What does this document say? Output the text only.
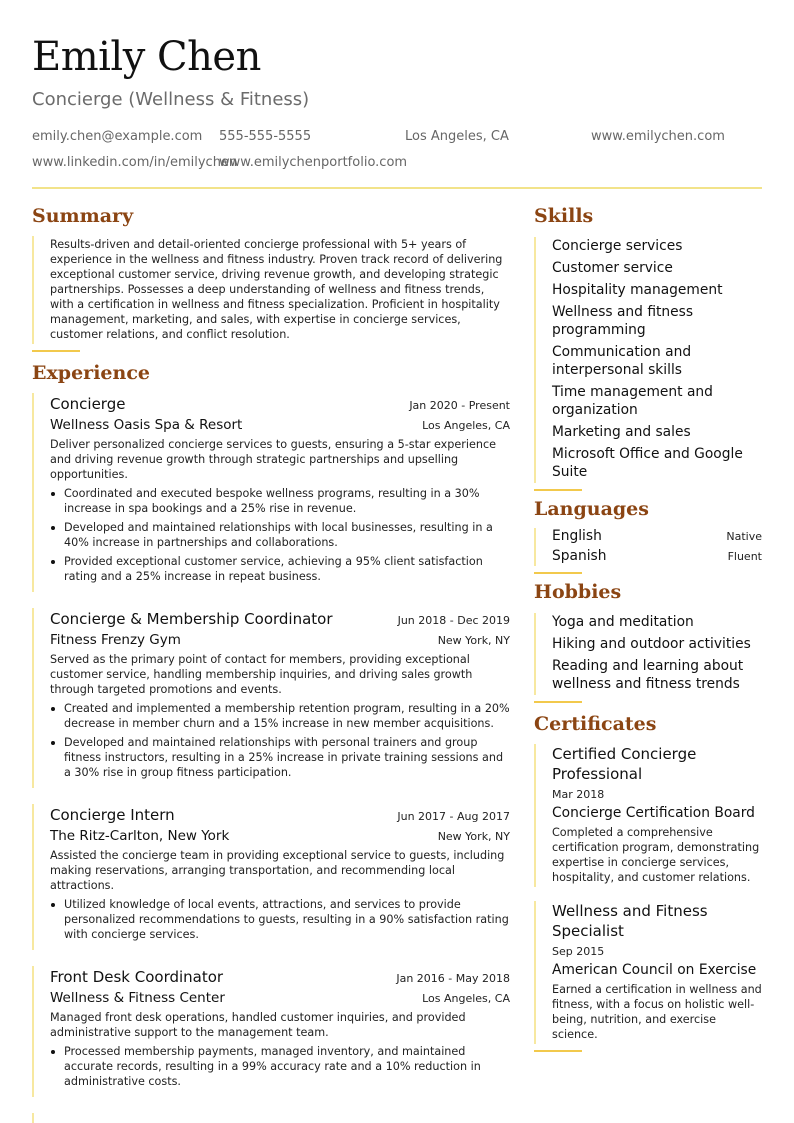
Emily Chen
Concierge (Wellness & Fitness)
emily.chen@example.com 555-555-5555	Los Angeles, CA	www.emilychen.com
www.linkedin.com/in/emilychen
www.emilychenportfolio.com
Summary
Results-driven and detail-oriented concierge professional with 5+ years of experience in the wellness and fitness industry. Proven track record of delivering exceptional customer service, driving revenue growth, and developing strategic partnerships. Possesses a deep understanding of wellness and fitness trends, with a certification in wellness and fitness specialization. Proficient in hospitality management, marketing, and sales, with expertise in concierge services, customer relations, and conflict resolution.
Experience
Concierge	Jan 2020 - Present
Wellness Oasis Spa & Resort	Los Angeles, CA
Deliver personalized concierge services to guests, ensuring a 5-star experience and driving revenue growth through strategic partnerships and upselling opportunities.
Coordinated and executed bespoke wellness programs, resulting in a 30% increase in spa bookings and a 25% rise in revenue.
Developed and maintained relationships with local businesses, resulting in a 40% increase in partnerships and collaborations.
Provided exceptional customer service, achieving a 95% client satisfaction rating and a 25% increase in repeat business.
Concierge & Membership Coordinator	Jun 2018 - Dec 2019
Fitness Frenzy Gym	New York, NY
Served as the primary point of contact for members, providing exceptional customer service, handling membership inquiries, and driving sales growth through targeted promotions and events.
Created and implemented a membership retention program, resulting in a 20% decrease in member churn and a 15% increase in new member acquisitions.
Developed and maintained relationships with personal trainers and group fitness instructors, resulting in a 25% increase in private training sessions and a 30% rise in group fitness participation.
Concierge Intern	Jun 2017 - Aug 2017
The Ritz-Carlton, New York	New York, NY
Assisted the concierge team in providing exceptional service to guests, including making reservations, arranging transportation, and recommending local attractions.
Utilized knowledge of local events, attractions, and services to provide personalized recommendations to guests, resulting in a 90% satisfaction rating with concierge services.
Front Desk Coordinator	Jan 2016 - May 2018
Wellness & Fitness Center	Los Angeles, CA
Managed front desk operations, handled customer inquiries, and provided administrative support to the management team.
Processed membership payments, managed inventory, and maintained accurate records, resulting in a 99% accuracy rate and a 10% reduction in administrative costs.
Skills
Concierge services
Customer service
Hospitality management
Wellness and fitness programming
Communication and interpersonal skills
Time management and organization
Marketing and sales
Microsoft Office and Google Suite
Languages
English	Native
Spanish	Fluent
Hobbies
Yoga and meditation
Hiking and outdoor activities
Reading and learning about wellness and fitness trends
Certificates
Certified Concierge Professional
Mar 2018
Concierge Certification Board
Completed a comprehensive certification program, demonstrating expertise in concierge services, hospitality, and customer relations.
Wellness and Fitness Specialist
Sep 2015
American Council on Exercise
Earned a certification in wellness and fitness, with a focus on holistic well-being, nutrition, and exercise science.
